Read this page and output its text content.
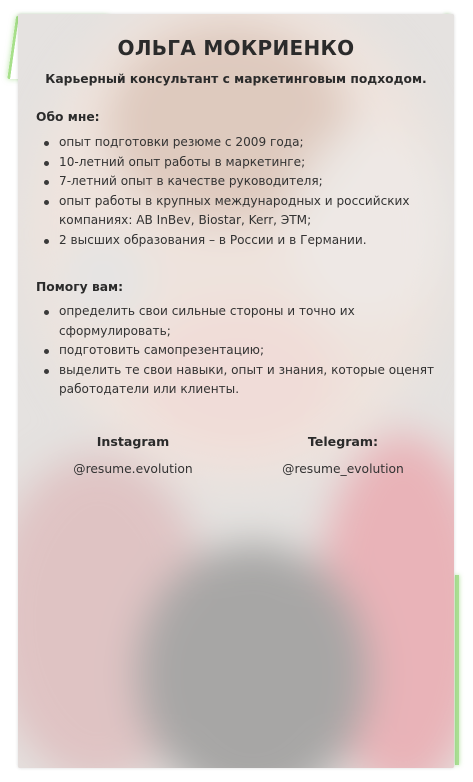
ОЛЬГА МОКРИЕНКО

Карьерный консультант с маркетинговым подходом.

Обо мне:
опыт подготовки резюме с 2009 года;
10-летний опыт работы в маркетинге;
7-летний опыт в качестве руководителя;
опыт работы в крупных международных и российских компаниях: AB InBev, Biostar, Kerr, ЭТМ;
2 высших образования – в России и в Германии.
Помогу вам:
определить свои сильные стороны и точно их сформулировать;
подготовить самопрезентацию;
выделить те свои навыки, опыт и знания, которые оценят работодатели или клиенты.
Instagram
@resume.evolution
Telegram:
@resume_evolution
